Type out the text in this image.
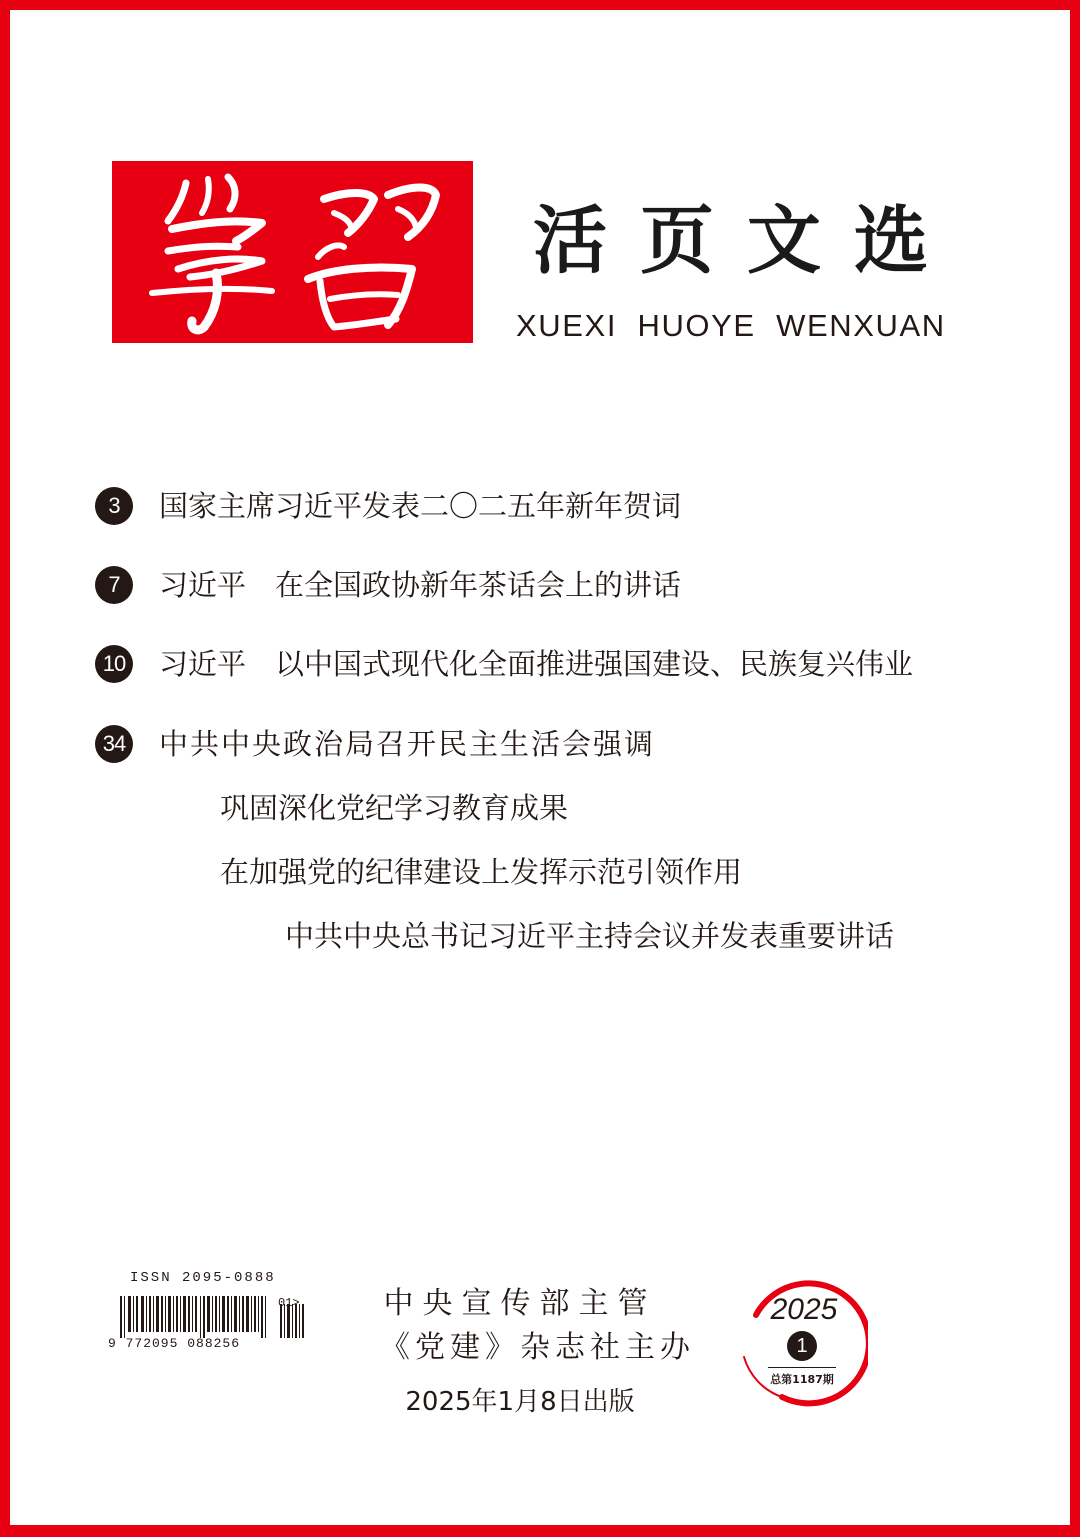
活页文选
XUEXI  HUOYE  WENXUAN
3	国家主席习近平发表二〇二五年新年贺词
7	习近平　在全国政协新年茶话会上的讲话
10 习近平　以中国式现代化全面推进强国建设、民族复兴伟业
34 中共中央政治局召开民主生活会强调
巩固深化党纪学习教育成果
在加强党的纪律建设上发挥示范引领作用
中共中央总书记习近平主持会议并发表重要讲话
ISSN 2095-0888
01>
9 772095 088256
中央宣传部主管
《党建》杂志社主办
2025年1月8日出版
2025
1
总第1187期
